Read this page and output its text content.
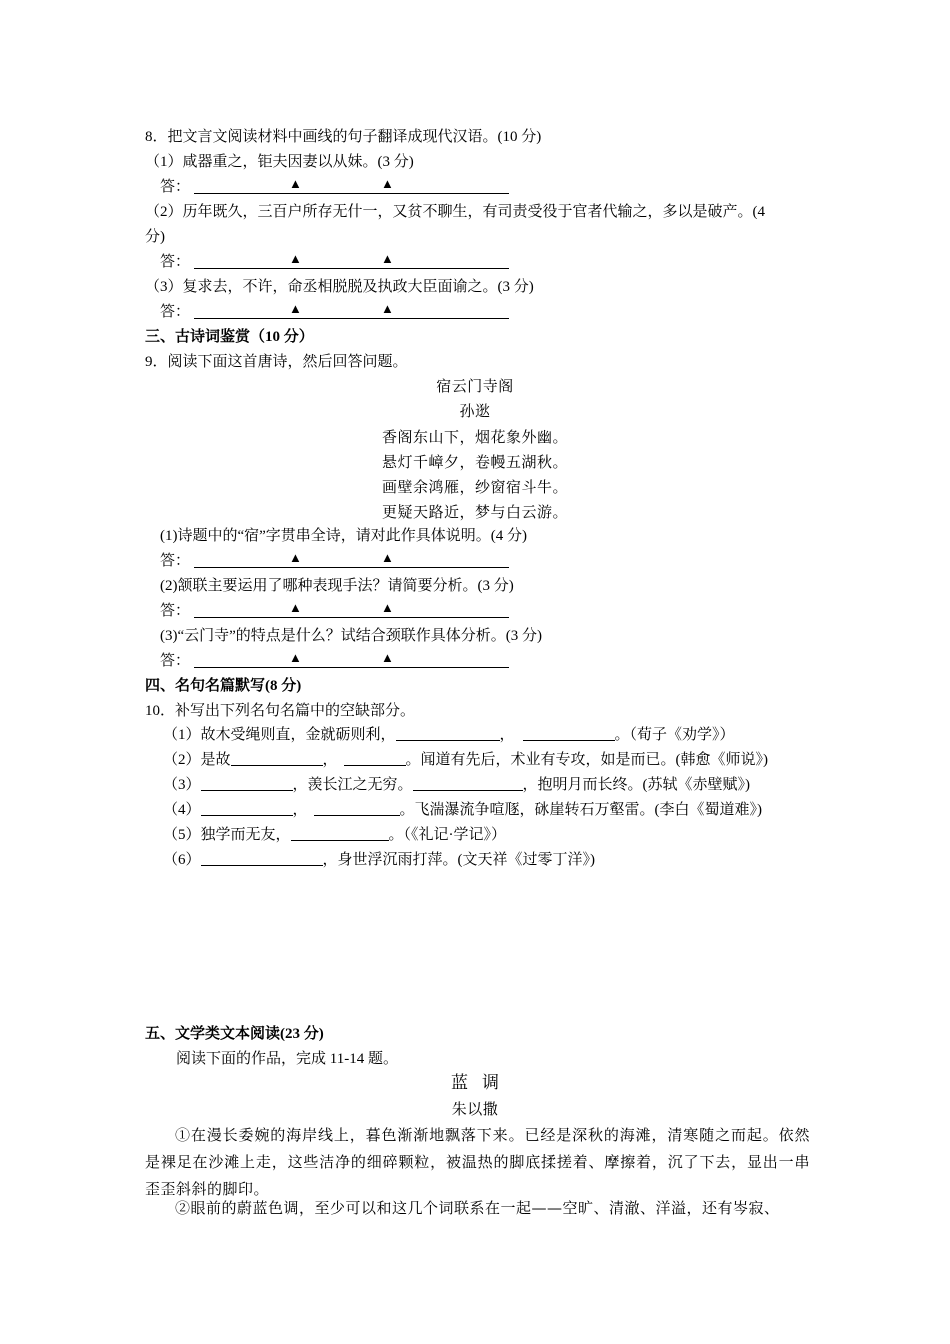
8．把文言文阅读材料中画线的句子翻译成现代汉语。(10 分)
（1）咸器重之，钜夫因妻以从妹。(3 分)
答：	▲	▲
（2）历年既久，三百户所存无什一，又贫不聊生，有司责受役于官者代输之，多以是破产。(4
分)
答：	▲	▲
（3）复求去，不许，命丞相脱脱及执政大臣面谕之。(3 分)
答：	▲	▲
三、古诗词鉴赏（10 分）
9．阅读下面这首唐诗，然后回答问题。
宿云门寺阁
孙逖
香阁东山下，烟花象外幽。
悬灯千嶂夕，卷幔五湖秋。
画壁余鸿雁，纱窗宿斗牛。
更疑天路近，梦与白云游。
(1)诗题中的“宿”字贯串全诗，请对此作具体说明。(4 分)
答：	▲	▲
(2)颔联主要运用了哪种表现手法？请简要分析。(3 分)
答：	▲	▲
(3)“云门寺”的特点是什么？试结合颈联作具体分析。(3 分)
答：	▲	▲
四、名句名篇默写(8 分)
10．补写出下列名句名篇中的空缺部分。
（1）故木受绳则直，金就砺则利，	，	。（荀子《劝学》）
（2）是故	，	。闻道有先后，术业有专攻，如是而已。(韩愈《师说》)
（3）	，羡长江之无穷。	，抱明月而长终。(苏轼《赤壁赋》)
（4）	，	。飞湍瀑流争喧豗，砯崖转石万壑雷。(李白《蜀道难》)
（5）独学而无友，	。（《礼记·学记》）
（6）	，身世浮沉雨打萍。(文天祥《过零丁洋》)
五、文学类文本阅读(23 分)
阅读下面的作品，完成 11-14 题。
蓝调
朱以撒
①在漫长委婉的海岸线上，暮色渐渐地飘落下来。已经是深秋的海滩，清寒随之而起。依然是裸足在沙滩上走，这些洁净的细碎颗粒，被温热的脚底揉搓着、摩擦着，沉了下去，显出一串歪歪斜斜的脚印。
②眼前的蔚蓝色调，至少可以和这几个词联系在一起——空旷、清澈、洋溢，还有岑寂、
